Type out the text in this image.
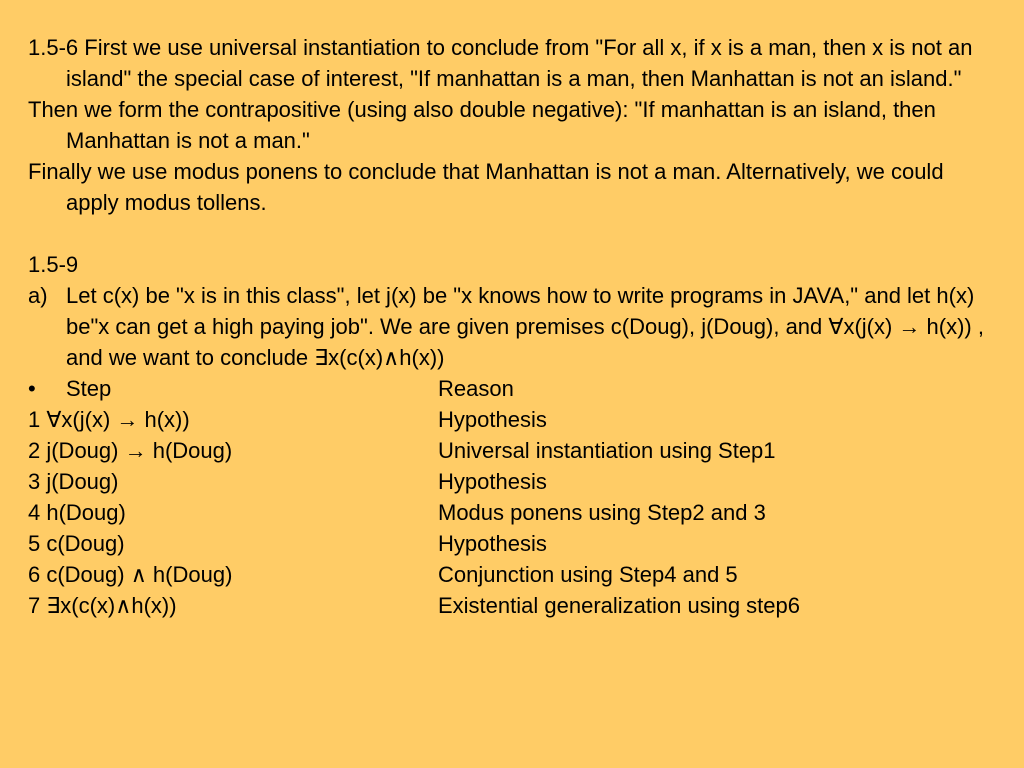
1.5-6 First we use universal instantiation to conclude from "For all x, if x is a man, then x is not an island" the special case of interest, "If manhattan is a man, then Manhattan is not an island."

Then we form the contrapositive (using also double negative): "If manhattan is an island, then Manhattan is not a man."

Finally we use modus ponens to conclude that Manhattan is not a man. Alternatively, we could apply modus tollens.

1.5-9

a) Let c(x) be "x is in this class", let j(x) be "x knows how to write programs in JAVA," and let h(x) be"x can get a high paying job". We are given premises c(Doug), j(Doug), and ∀x(j(x) → h(x)) , and we want to conclude ∃x(c(x)∧h(x))
• Step	Reason
1 ∀x(j(x) → h(x))	Hypothesis
2 j(Doug) → h(Doug)	Universal instantiation using Step1
3 j(Doug)	Hypothesis
4 h(Doug)	Modus ponens using Step2 and 3
5 c(Doug)	Hypothesis
6 c(Doug) ∧ h(Doug)	Conjunction using Step4 and 5
7 ∃x(c(x)∧h(x))	Existential generalization using step6
